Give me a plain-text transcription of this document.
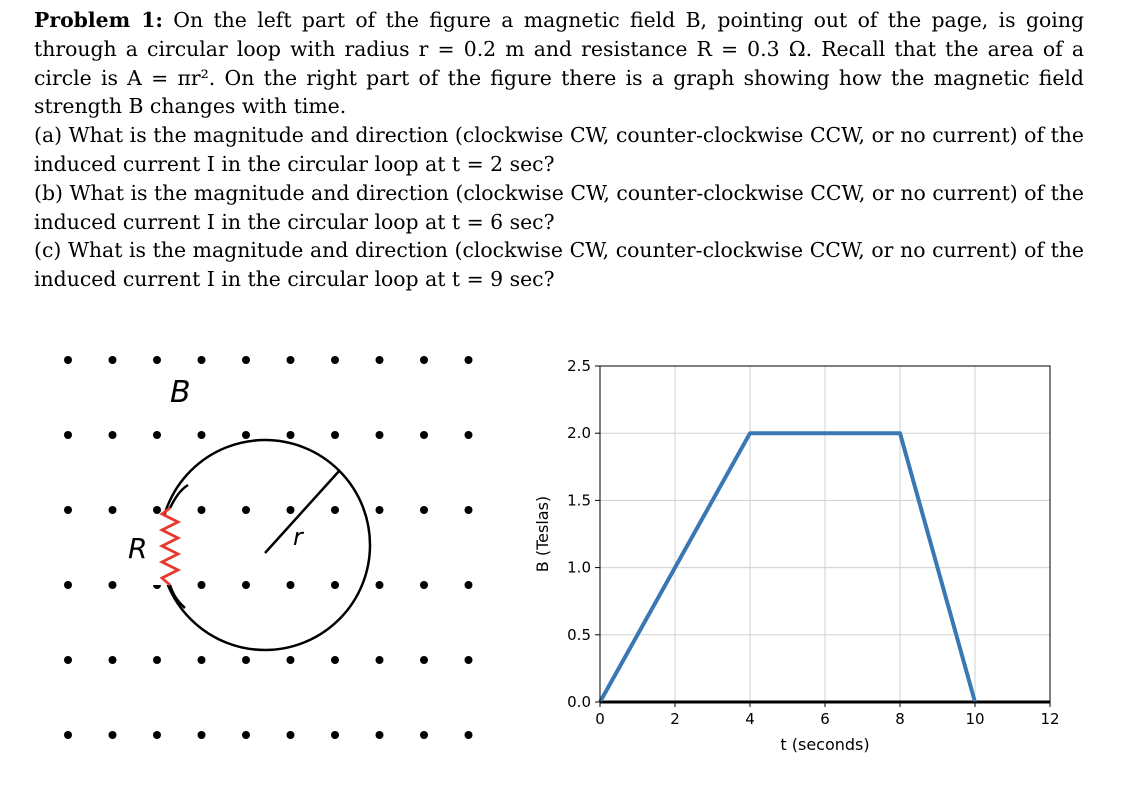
Problem 1: On the left part of the figure a magnetic field B, pointing out of the page, is going through a circular loop with radius r = 0.2 m and resistance R = 0.3 Ω. Recall that the area of a circle is A = πr². On the right part of the figure there is a graph showing how the magnetic field strength B changes with time.

(a) What is the magnitude and direction (clockwise CW, counter-clockwise CCW, or no current) of the induced current I in the circular loop at t = 2 sec?

(b) What is the magnitude and direction (clockwise CW, counter-clockwise CCW, or no current) of the induced current I in the circular loop at t = 6 sec?

(c) What is the magnitude and direction (clockwise CW, counter-clockwise CCW, or no current) of the induced current I in the circular loop at t = 9 sec?

B
R	r
0	2	4	6	8	10	12
0.0
0.5
1.0
1.5
2.0
2.5
t (seconds)
B (Teslas)
